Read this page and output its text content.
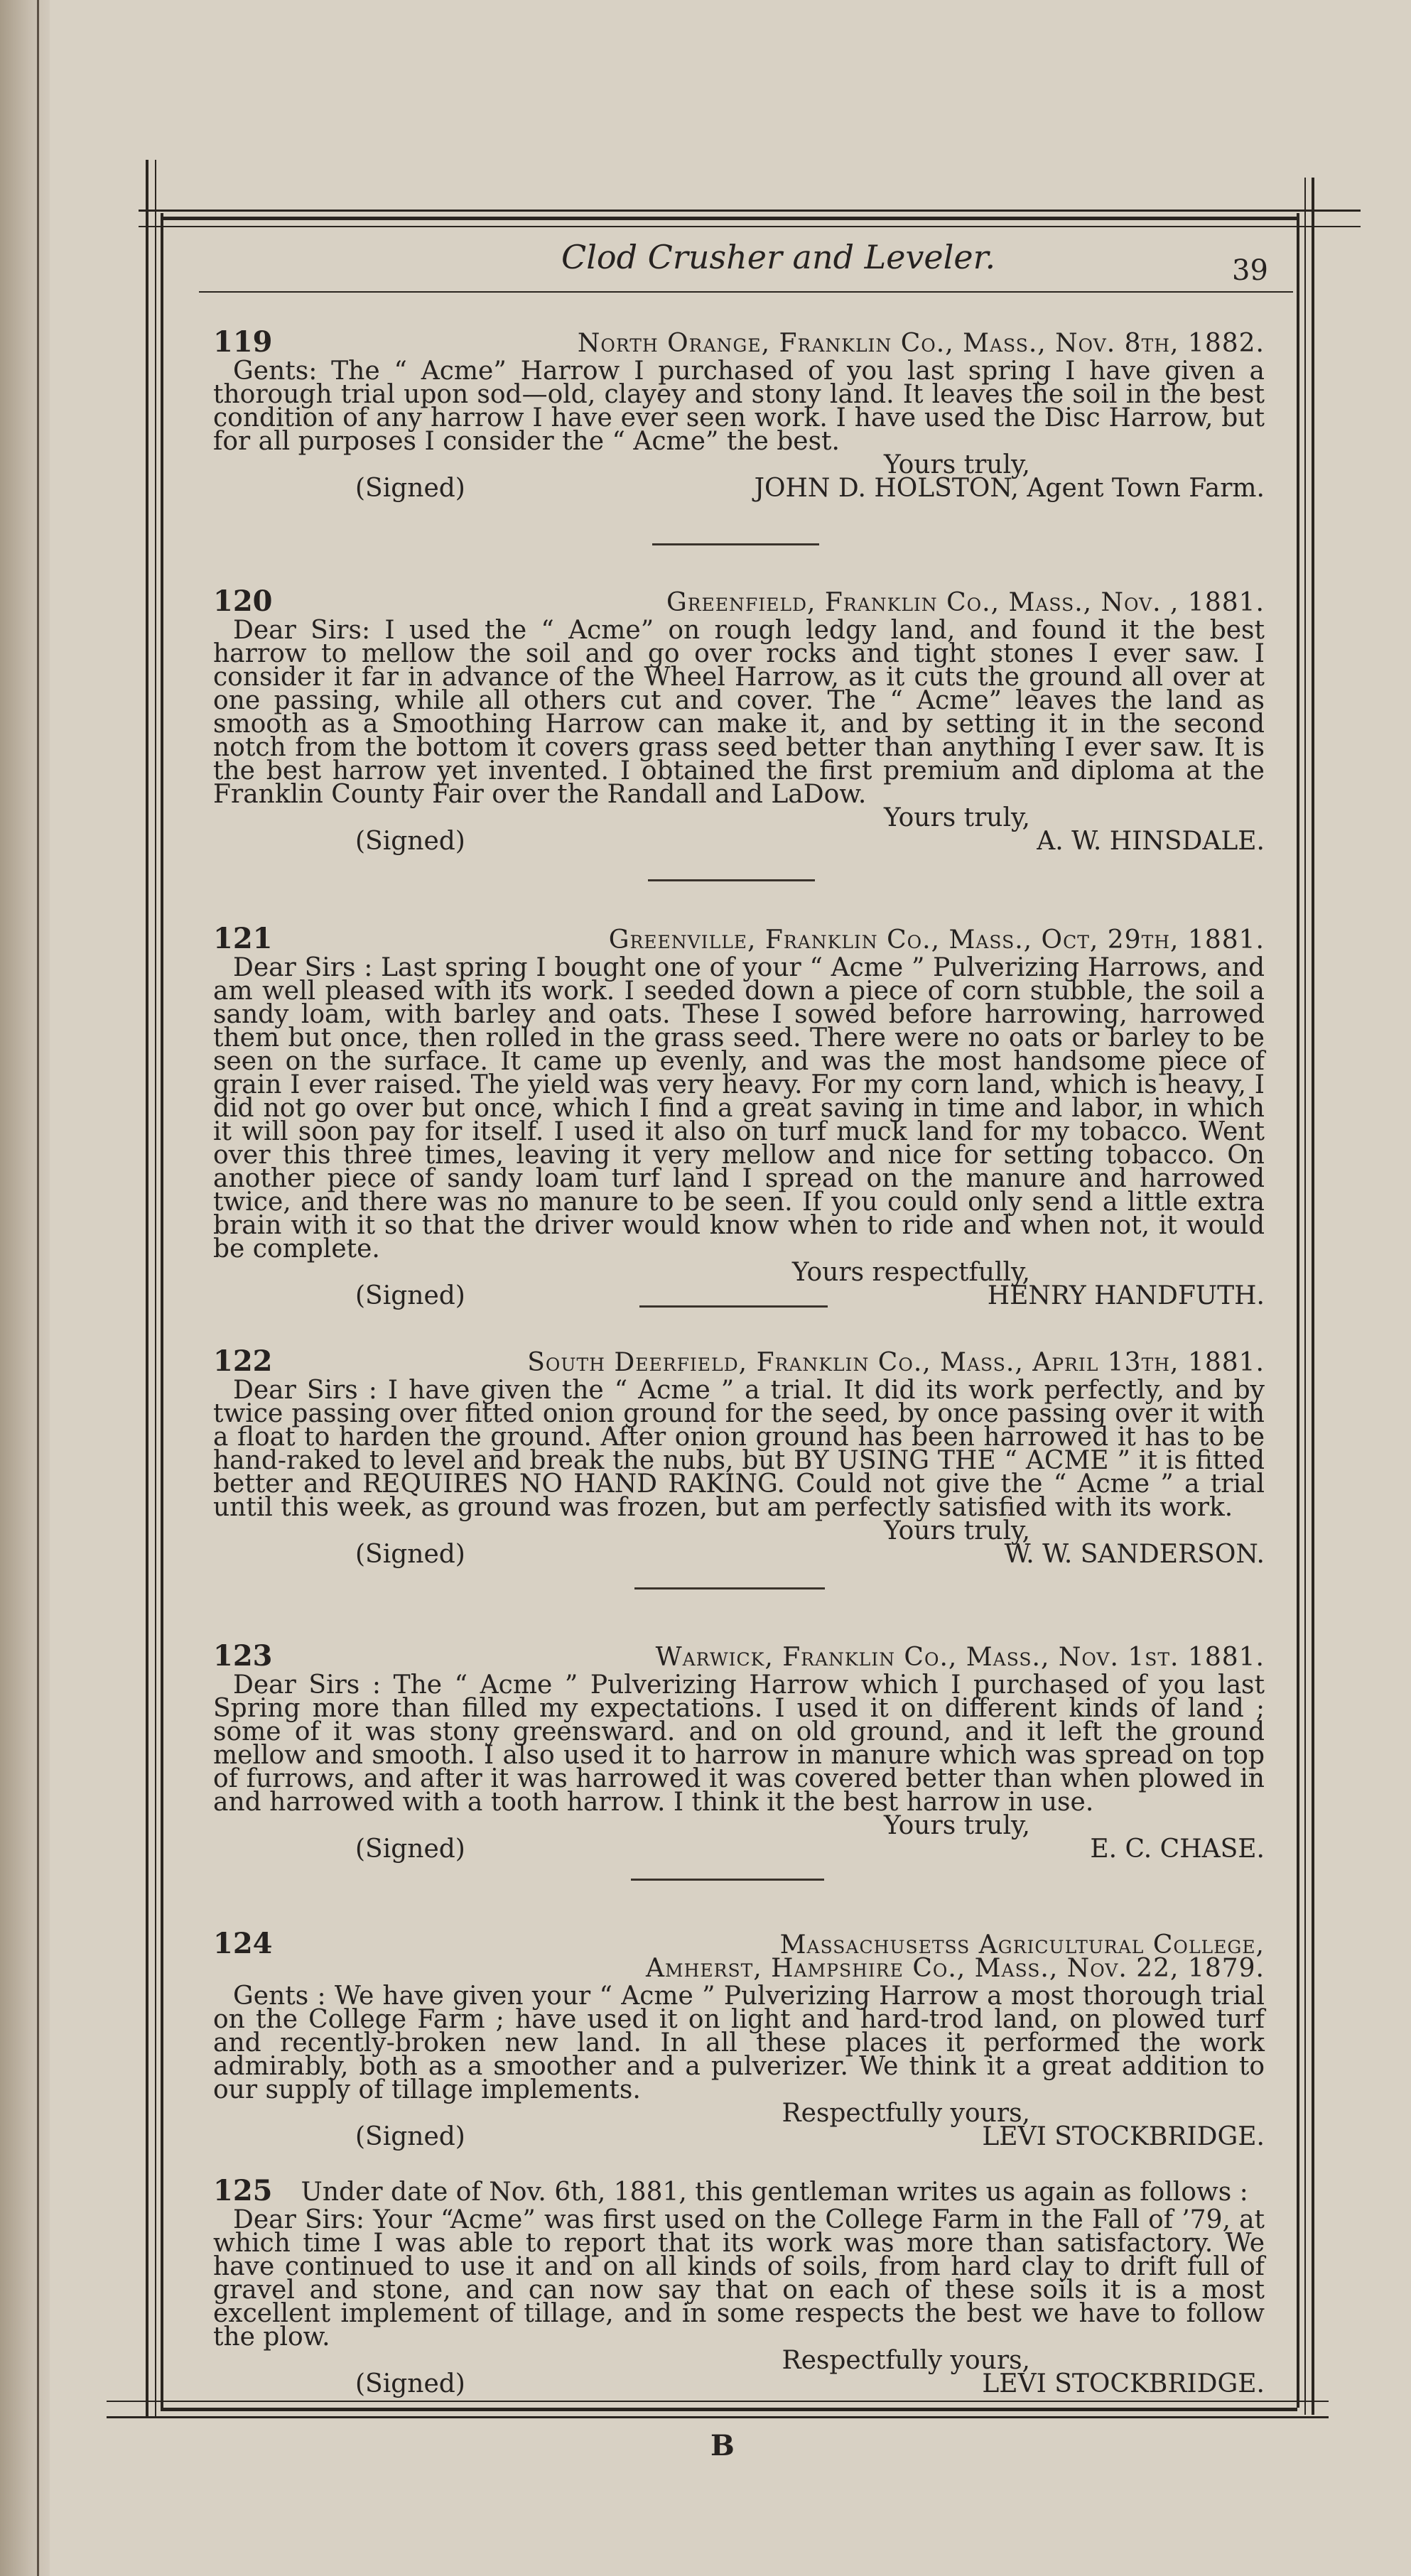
Clod Crusher and Leveler.	39
119	North Orange, Franklin Co., Mass., Nov. 8th, 1882.
Gents: The “ Acme” Harrow I purchased of you last spring I have given a thorough trial upon sod—old, clayey and stony land. It leaves the soil in the best condition of any harrow I have ever seen work. I have used the Disc Harrow, but for all purposes I consider the “ Acme” the best.
Yours truly,
(Signed)	JOHN D. HOLSTON, Agent Town Farm.
120	Greenfield, Franklin Co., Mass., Nov. , 1881.
Dear Sirs: I used the “ Acme” on rough ledgy land, and found it the best harrow to mellow the soil and go over rocks and tight stones I ever saw. I consider it far in advance of the Wheel Harrow, as it cuts the ground all over at one passing, while all others cut and cover. The “ Acme” leaves the land as smooth as a Smoothing Harrow can make it, and by setting it in the second notch from the bottom it covers grass seed better than anything I ever saw. It is the best harrow yet invented. I obtained the first premium and diploma at the Franklin County Fair over the Randall and LaDow.
Yours truly,
(Signed)	A. W. HINSDALE.
121	Greenville, Franklin Co., Mass., Oct, 29th, 1881.
Dear Sirs : Last spring I bought one of your “ Acme ” Pulverizing Harrows, and am well pleased with its work. I seeded down a piece of corn stubble, the soil a sandy loam, with barley and oats. These I sowed before harrowing, harrowed them but once, then rolled in the grass seed. There were no oats or barley to be seen on the surface. It came up evenly, and was the most handsome piece of grain I ever raised. The yield was very heavy. For my corn land, which is heavy, I did not go over but once, which I find a great saving in time and labor, in which it will soon pay for itself. I used it also on turf muck land for my tobacco. Went over this three times, leaving it very mellow and nice for setting tobacco. On another piece of sandy loam turf land I spread on the manure and harrowed twice, and there was no manure to be seen. If you could only send a little extra brain with it so that the driver would know when to ride and when not, it would be complete.
Yours respectfully,
(Signed)	HENRY HANDFUTH.
122	South Deerfield, Franklin Co., Mass., April 13th, 1881.
Dear Sirs : I have given the “ Acme ” a trial. It did its work perfectly, and by twice passing over fitted onion ground for the seed, by once passing over it with a float to harden the ground. After onion ground has been harrowed it has to be hand-raked to level and break the nubs, but BY USING THE “ ACME ” it is fitted better and REQUIRES NO HAND RAKING. Could not give the “ Acme ” a trial until this week, as ground was frozen, but am perfectly satisfied with its work.
Yours truly,
(Signed)	W. W. SANDERSON.
123	Warwick, Franklin Co., Mass., Nov. 1st. 1881.
Dear Sirs : The “ Acme ” Pulverizing Harrow which I purchased of you last Spring more than filled my expectations. I used it on different kinds of land ; some of it was stony greensward. and on old ground, and it left the ground mellow and smooth. I also used it to harrow in manure which was spread on top of furrows, and after it was harrowed it was covered better than when plowed in and harrowed with a tooth harrow. I think it the best harrow in use.
Yours truly,
(Signed)	E. C. CHASE.
124	Massachusetss Agricultural College,
Amherst, Hampshire Co., Mass., Nov. 22, 1879.
Gents : We have given your “ Acme ” Pulverizing Harrow a most thorough trial on the College Farm ; have used it on light and hard-trod land, on plowed turf and recently-broken new land. In all these places it performed the work admirably, both as a smoother and a pulverizer. We think it a great addition to our supply of tillage implements.
Respectfully yours,
(Signed)	LEVI STOCKBRIDGE.
125 Under date of Nov. 6th, 1881, this gentleman writes us again as follows :
Dear Sirs: Your “Acme” was first used on the College Farm in the Fall of ’79, at which time I was able to report that its work was more than satisfactory. We have continued to use it and on all kinds of soils, from hard clay to drift full of gravel and stone, and can now say that on each of these soils it is a most excellent implement of tillage, and in some respects the best we have to follow the plow.
Respectfully yours,
(Signed)	LEVI STOCKBRIDGE.
B
